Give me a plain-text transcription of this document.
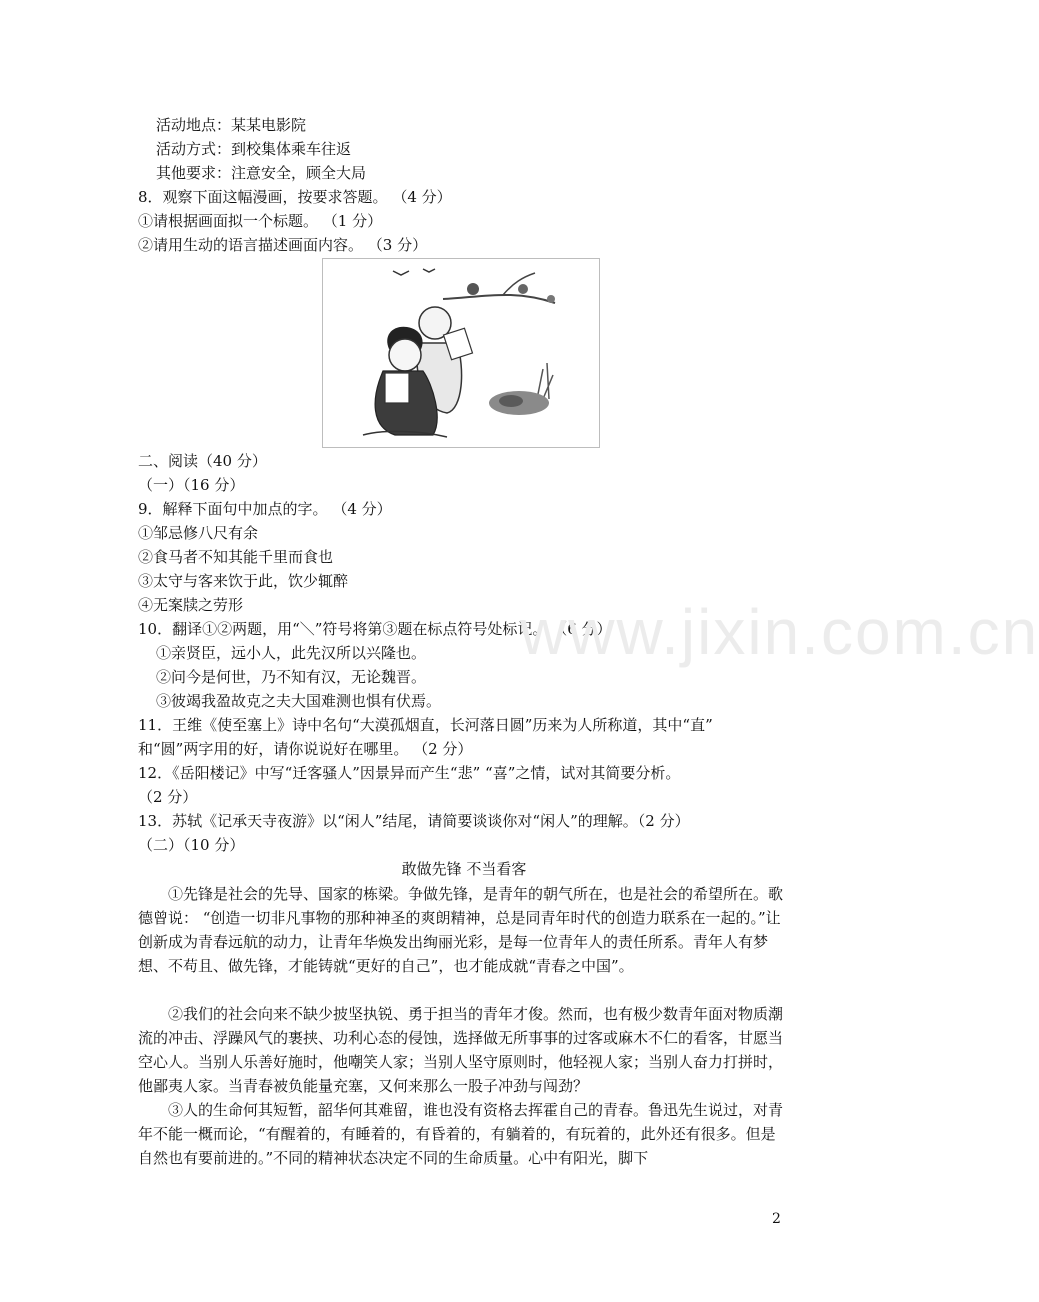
活动地点：某某电影院
活动方式：到校集体乘车往返
其他要求：注意安全，顾全大局
8．观察下面这幅漫画，按要求答题。 （4 分）
①请根据画面拟一个标题。 （1 分）
②请用生动的语言描述画面内容。 （3 分）
二、阅读（40 分）
（一）（16 分）
9．解释下面句中加点的字。 （4 分）
①邹忌修八尺有余
②食马者不知其能千里而食也
③太守与客来饮于此，饮少辄醉
④无案牍之劳形
10．翻译①②两题，用“＼”符号将第③题在标点符号处标记。 （6 分）
①亲贤臣，远小人，此先汉所以兴隆也。
②问今是何世，乃不知有汉，无论魏晋。
③彼竭我盈故克之夫大国难测也惧有伏焉。
11．王维《使至塞上》诗中名句“大漠孤烟直，长河落日圆”历来为人所称道，其中“直”
和“圆”两字用的好，请你说说好在哪里。 （2 分）
12．《岳阳楼记》中写“迁客骚人”因景异而产生“悲” “喜”之情，试对其简要分析。
（2 分）
13．苏轼《记承天寺夜游》以“闲人”结尾，请简要谈谈你对“闲人”的理解。（2 分）
（二）（10 分）
敢做先锋 不当看客
①先锋是社会的先导、国家的栋梁。争做先锋，是青年的朝气所在，也是社会的希望所在。歌德曾说： “创造一切非凡事物的那种神圣的爽朗精神，总是同青年时代的创造力联系在一起的。”让创新成为青春远航的动力，让青年华焕发出绚丽光彩，是每一位青年人的责任所系。青年人有梦想、不苟且、做先锋，才能铸就“更好的自己”，也才能成就“青春之中国”。
②我们的社会向来不缺少披坚执锐、勇于担当的青年才俊。然而，也有极少数青年面对物质潮流的冲击、浮躁风气的裹挟、功利心态的侵蚀，选择做无所事事的过客或麻木不仁的看客，甘愿当空心人。当别人乐善好施时，他嘲笑人家；当别人坚守原则时，他轻视人家；当别人奋力打拼时，他鄙夷人家。当青春被负能量充塞，又何来那么一股子冲劲与闯劲？
③人的生命何其短暂，韶华何其难留，谁也没有资格去挥霍自己的青春。鲁迅先生说过，对青年不能一概而论，“有醒着的，有睡着的，有昏着的，有躺着的，有玩着的，此外还有很多。但是自然也有要前进的。”不同的精神状态决定不同的生命质量。心中有阳光，脚下
www.jixin.com.cn
2
